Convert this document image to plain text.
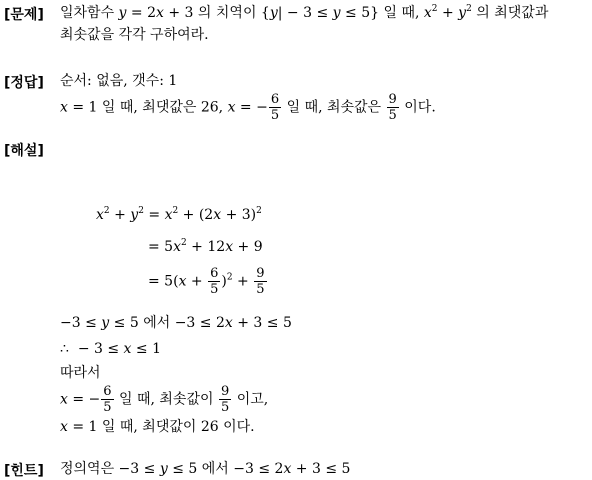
[문제] 일차함수 y = 2x + 3 의 치역이 {y| − 3 ≤ y ≤ 5} 일 때, $x^2 + y^2$ 의 최댓값과
최솟값을 각각 구하여라.
[정답] 순서: 없음, 갯수: 1
x = 1 일 때, 최댓값은 26, x = − $\frac{6}{5}$ 일 때, 최솟값은 $\frac{9}{5}$ 이다.
[해설]
$x^2 + y^2 = x^2 + (2x + 3)^2$
= $5x^2 + 12x + 9$
= $5(x + \frac{6}{5} )^2 + \frac{9}{5}$
−3 ≤ y ≤ 5 에서 −3 ≤ 2x + 3 ≤ 5
∴  − 3 ≤ x ≤ 1
따라서
x = − $\frac{6}{5}$ 일 때, 최솟값이 $\frac{9}{5}$ 이고,
x = 1 일 때, 최댓값이 26 이다.
[힌트] 정의역은 −3 ≤ y ≤ 5 에서 −3 ≤ 2x + 3 ≤ 5
